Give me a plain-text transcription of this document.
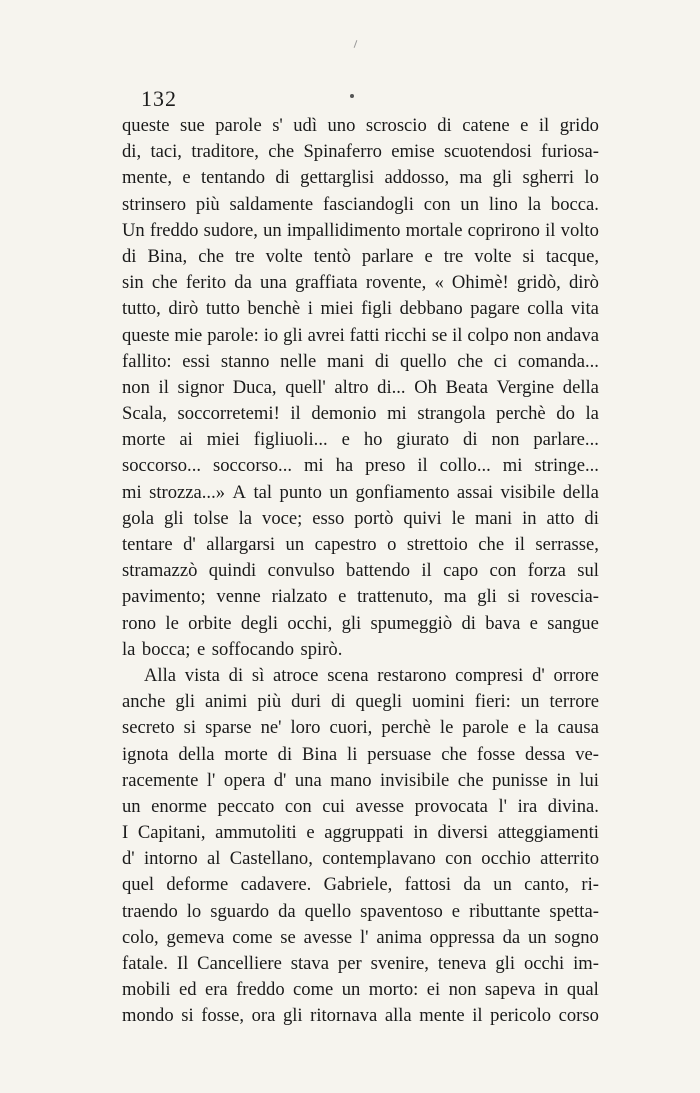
132
queste sue parole s' udì uno scroscio di catene e il grido
di, taci, traditore, che Spinaferro emise scuotendosi furiosa-
mente, e tentando di gettarglisi addosso, ma gli sgherri lo
strinsero più saldamente fasciandogli con un lino la bocca.
Un freddo sudore, un impallidimento mortale coprirono il volto
di Bina, che tre volte tentò parlare e tre volte si tacque,
sin che ferito da una graffiata rovente, « Ohimè! gridò, dirò
tutto, dirò tutto benchè i miei figli debbano pagare colla vita
queste mie parole: io gli avrei fatti ricchi se il colpo non andava
fallito: essi stanno nelle mani di quello che ci comanda...
non il signor Duca, quell' altro di... Oh Beata Vergine della
Scala, soccorretemi! il demonio mi strangola perchè do la
morte ai miei figliuoli... e ho giurato di non parlare...
soccorso... soccorso... mi ha preso il collo... mi stringe...
mi strozza...» A tal punto un gonfiamento assai visibile della
gola gli tolse la voce; esso portò quivi le mani in atto di
tentare d' allargarsi un capestro o strettoio che il serrasse,
stramazzò quindi convulso battendo il capo con forza sul
pavimento; venne rialzato e trattenuto, ma gli si rovescia-
rono le orbite degli occhi, gli spumeggiò di bava e sangue
la bocca; e soffocando spirò.
Alla vista di sì atroce scena restarono compresi d' orrore
anche gli animi più duri di quegli uomini fieri: un terrore
secreto si sparse ne' loro cuori, perchè le parole e la causa
ignota della morte di Bina li persuase che fosse dessa ve-
racemente l' opera d' una mano invisibile che punisse in lui
un enorme peccato con cui avesse provocata l' ira divina.
I Capitani, ammutoliti e aggruppati in diversi atteggiamenti
d' intorno al Castellano, contemplavano con occhio atterrito
quel deforme cadavere. Gabriele, fattosi da un canto, ri-
traendo lo sguardo da quello spaventoso e ributtante spetta-
colo, gemeva come se avesse l' anima oppressa da un sogno
fatale. Il Cancelliere stava per svenire, teneva gli occhi im-
mobili ed era freddo come un morto: ei non sapeva in qual
mondo si fosse, ora gli ritornava alla mente il pericolo corso
